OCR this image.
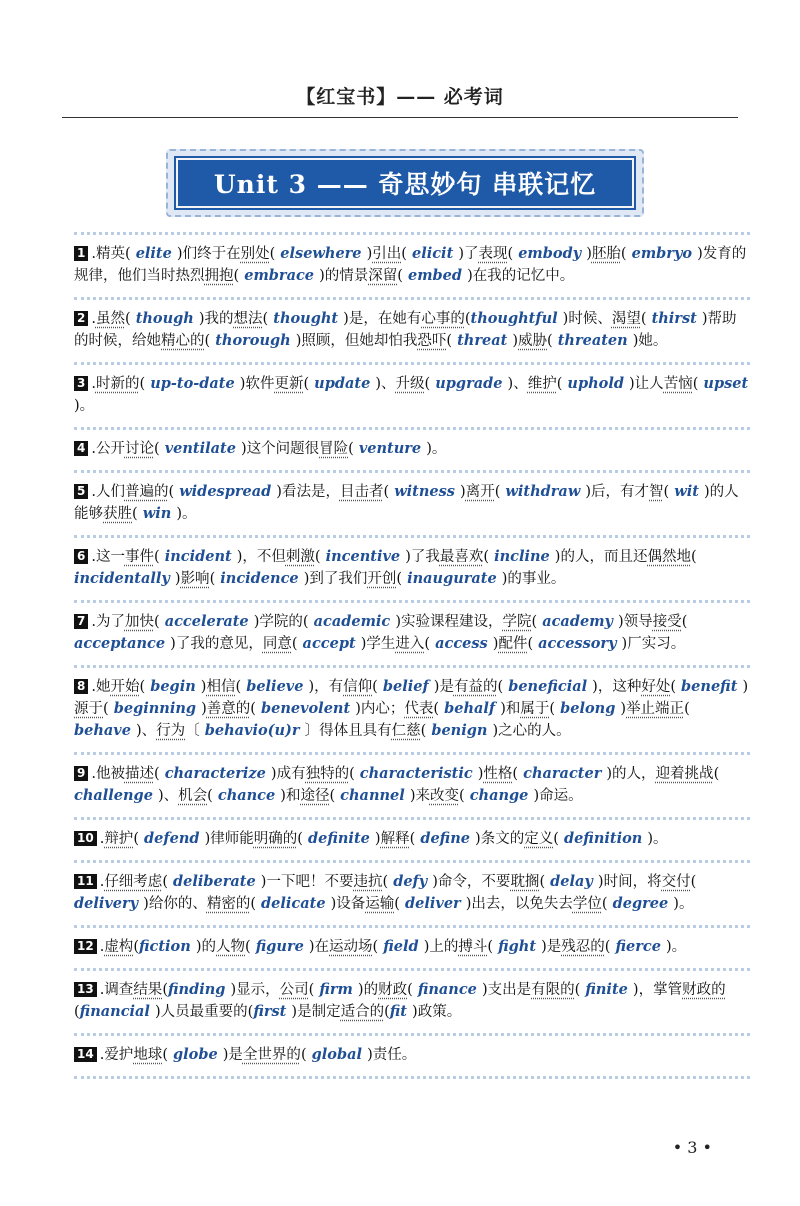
【红宝书】—— 必考词
Unit 3 —— 奇思妙句 串联记忆
1 .精英( elite )们终于在别处( elsewhere )引出( elicit )了表现( embody )胚胎( embryo )发育的规律，他们当时热烈拥抱( embrace )的情景深留( embed )在我的记忆中。
2 .虽然( though )我的想法( thought )是，在她有心事的(thoughtful )时候、渴望( thirst )帮助的时候，给她精心的( thorough )照顾，但她却怕我恐吓( threat )威胁( threaten )她。
3 .时新的( up-to-date )软件更新( update )、升级( upgrade )、维护( uphold )让人苦恼( upset )。
4 .公开讨论( ventilate )这个问题很冒险( venture )。
5 .人们普遍的( widespread )看法是，目击者( witness )离开( withdraw )后，有才智( wit )的人能够获胜( win )。
6 .这一事件( incident )，不但刺激( incentive )了我最喜欢( incline )的人，而且还偶然地( incidentally )影响( incidence )到了我们开创( inaugurate )的事业。
7 .为了加快( accelerate )学院的( academic )实验课程建设，学院( academy )领导接受( acceptance )了我的意见，同意( accept )学生进入( access )配件( accessory )厂实习。
8 .她开始( begin )相信( believe )，有信仰( belief )是有益的( beneficial )，这种好处( benefit )源于( beginning )善意的( benevolent )内心；代表( behalf )和属于( belong )举止端正( behave )、行为〔 behavio(u)r 〕得体且具有仁慈( benign )之心的人。
9 .他被描述( characterize )成有独特的( characteristic )性格( character )的人，迎着挑战( challenge )、机会( chance )和途径( channel )来改变( change )命运。
10 .辩护( defend )律师能明确的( definite )解释( define )条文的定义( definition )。
11 .仔细考虑( deliberate )一下吧！不要违抗( defy )命令，不要耽搁( delay )时间，将交付( delivery )给你的、精密的( delicate )设备运输( deliver )出去，以免失去学位( degree )。
12 .虚构(fiction )的人物( figure )在运动场( field )上的搏斗( fight )是残忍的( fierce )。
13 .调查结果(finding )显示，公司( firm )的财政( finance )支出是有限的( finite )，掌管财政的(financial )人员最重要的(first )是制定适合的(fit )政策。
14 .爱护地球( globe )是全世界的( global )责任。
• 3 •
